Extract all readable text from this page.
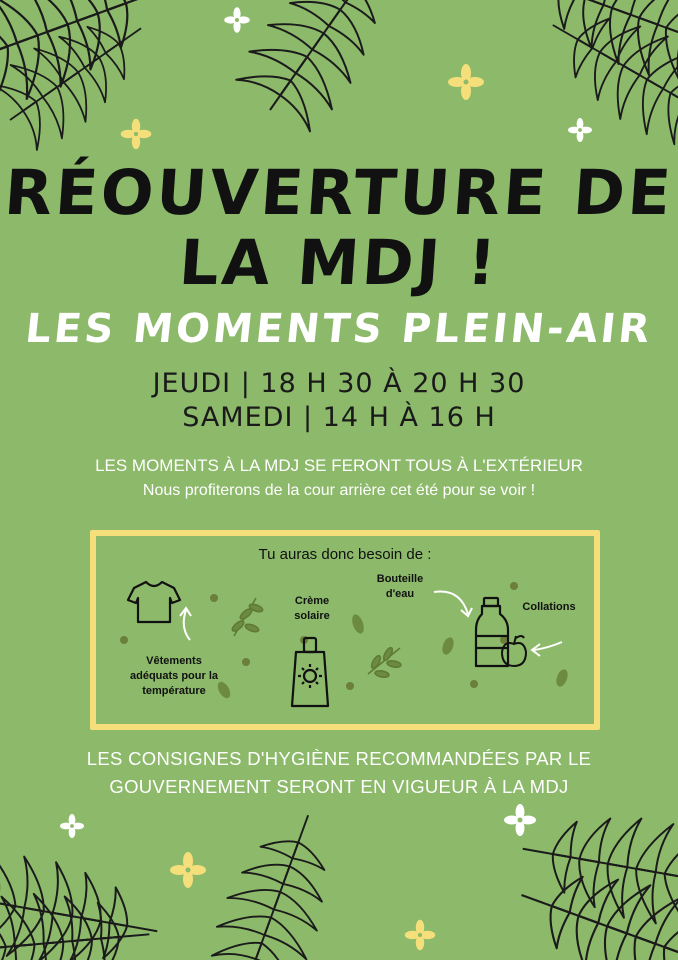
RÉOUVERTURE DE
LA MDJ !
LES MOMENTS PLEIN-AIR
JEUDI | 18 H 30 À 20 H 30
SAMEDI | 14 H À 16 H
LES MOMENTS À LA MDJ SE FERONT TOUS À L'EXTÉRIEUR
Nous profiterons de la cour arrière cet été pour se voir !
Tu auras donc besoin de :
Vêtements adéquats pour la température
Crème solaire
Bouteille d'eau
Collations
LES CONSIGNES D'HYGIÈNE RECOMMANDÉES PAR LE
GOUVERNEMENT SERONT EN VIGUEUR À LA MDJ
